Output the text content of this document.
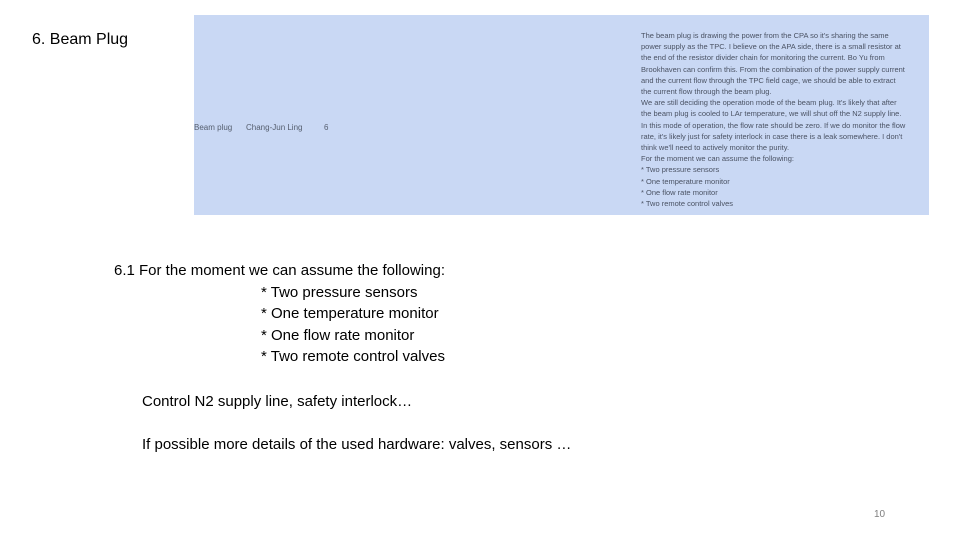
6. Beam Plug
Beam plug Chang-Jun Ling	6
The beam plug is drawing the power from the CPA so it's sharing the same
power supply as the TPC. I believe on the APA side, there is a small resistor at
the end of the resistor divider chain for monitoring the current. Bo Yu from
Brookhaven can confirm this. From the combination of the power supply current
and the current flow through the TPC field cage, we should be able to extract
the current flow through the beam plug.
We are still deciding the operation mode of the beam plug. It's likely that after
the beam plug is cooled to LAr temperature, we will shut off the N2 supply line.
In this mode of operation, the flow rate should be zero. If we do monitor the flow
rate, it's likely just for safety interlock in case there is a leak somewhere. I don't
think we'll need to actively monitor the purity.
For the moment we can assume the following:
* Two pressure sensors
* One temperature monitor
* One flow rate monitor
* Two remote control valves
6.1 For the moment we can assume the following:
* Two pressure sensors
* One temperature monitor
* One flow rate monitor
* Two remote control valves
Control N2 supply line, safety interlock…
If possible more details of the used hardware: valves, sensors …
10
